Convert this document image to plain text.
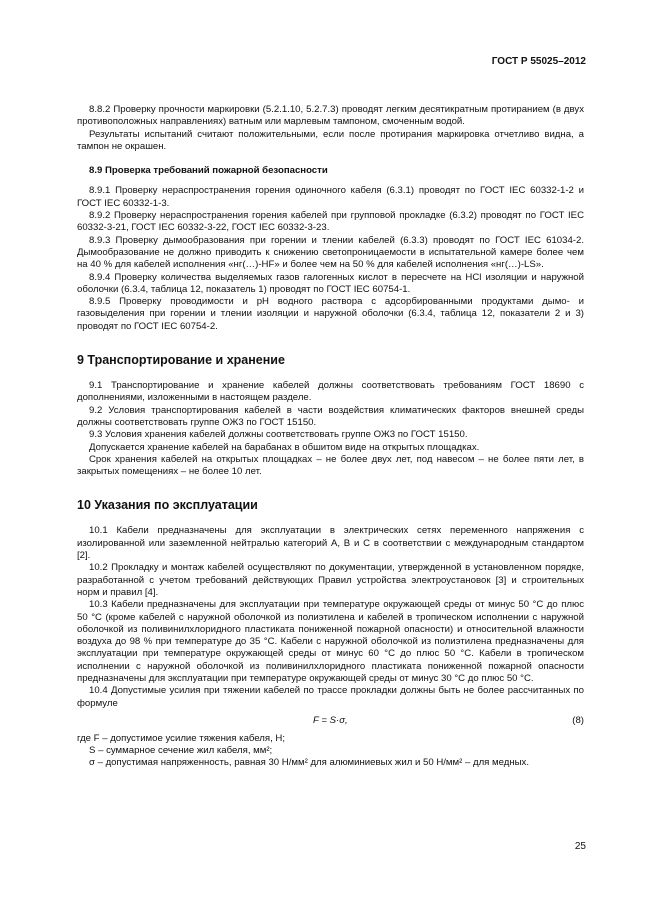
ГОСТ Р 55025–2012

8.8.2 Проверку прочности маркировки (5.2.1.10, 5.2.7.3) проводят легким десятикратным протиранием (в двух противоположных направлениях) ватным или марлевым тампоном, смоченным водой.

Результаты испытаний считают положительными, если после протирания маркировка отчетливо видна, а тампон не окрашен.

8.9 Проверка требований пожарной безопасности

8.9.1 Проверку нераспространения горения одиночного кабеля (6.3.1) проводят по ГОСТ IEC 60332-1-2 и ГОСТ IEC 60332-1-3.

8.9.2 Проверку нераспространения горения кабелей при групповой прокладке (6.3.2) проводят по ГОСТ IEC 60332-3-21, ГОСТ IEC 60332-3-22, ГОСТ IEC 60332-3-23.

8.9.3 Проверку дымообразования при горении и тлении кабелей (6.3.3) проводят по ГОСТ IEC 61034-2. Дымообразование не должно приводить к снижению светопроницаемости в испытательной камере более чем на 40 % для кабелей исполнения «нг(…)-HF» и более чем на 50 % для кабелей исполнения «нг(…)-LS».

8.9.4 Проверку количества выделяемых газов галогенных кислот в пересчете на HCl изоляции и наружной оболочки (6.3.4, таблица 12, показатель 1) проводят по ГОСТ IEC 60754-1.

8.9.5 Проверку проводимости и pH водного раствора с адсорбированными продуктами дымо- и газовыделения при горении и тлении изоляции и наружной оболочки (6.3.4, таблица 12, показатели 2 и 3) проводят по ГОСТ IEC 60754-2.

9 Транспортирование и хранение

9.1 Транспортирование и хранение кабелей должны соответствовать требованиям ГОСТ 18690 с дополнениями, изложенными в настоящем разделе.

9.2 Условия транспортирования кабелей в части воздействия климатических факторов внешней среды должны соответствовать группе ОЖ3 по ГОСТ 15150.

9.3 Условия хранения кабелей должны соответствовать группе ОЖ3 по ГОСТ 15150.

Допускается хранение кабелей на барабанах в обшитом виде на открытых площадках.

Срок хранения кабелей на открытых площадках – не более двух лет, под навесом – не более пяти лет, в закрытых помещениях – не более 10 лет.

10 Указания по эксплуатации

10.1 Кабели предназначены для эксплуатации в электрических сетях переменного напряжения с изолированной или заземленной нейтралью категорий А, В и С в соответствии с международным стандартом [2].

10.2 Прокладку и монтаж кабелей осуществляют по документации, утвержденной в установленном порядке, разработанной с учетом требований действующих Правил устройства электроустановок [3] и строительных норм и правил [4].

10.3 Кабели предназначены для эксплуатации при температуре окружающей среды от минус 50 °С до плюс 50 °С (кроме кабелей с наружной оболочкой из полиэтилена и кабелей в тропическом исполнении с наружной оболочкой из поливинилхлоридного пластиката пониженной пожарной опасности) и относительной влажности воздуха до 98 % при температуре до 35 °С. Кабели с наружной оболочкой из полиэтилена предназначены для эксплуатации при температуре окружающей среды от минус 60 °С до плюс 50 °С. Кабели в тропическом исполнении с наружной оболочкой из поливинилхлоридного пластиката пониженной пожарной опасности предназначены для эксплуатации при температуре окружающей среды от минус 30 °С до плюс 50 °С.

10.4 Допустимые усилия при тяжении кабелей по трассе прокладки должны быть не более рассчитанных по формуле

F = S·σ,	(8)

где F – допустимое усилие тяжения кабеля, Н;

S – суммарное сечение жил кабеля, мм²;

σ – допустимая напряженность, равная 30 Н/мм² для алюминиевых жил и 50 Н/мм² – для медных.

25
